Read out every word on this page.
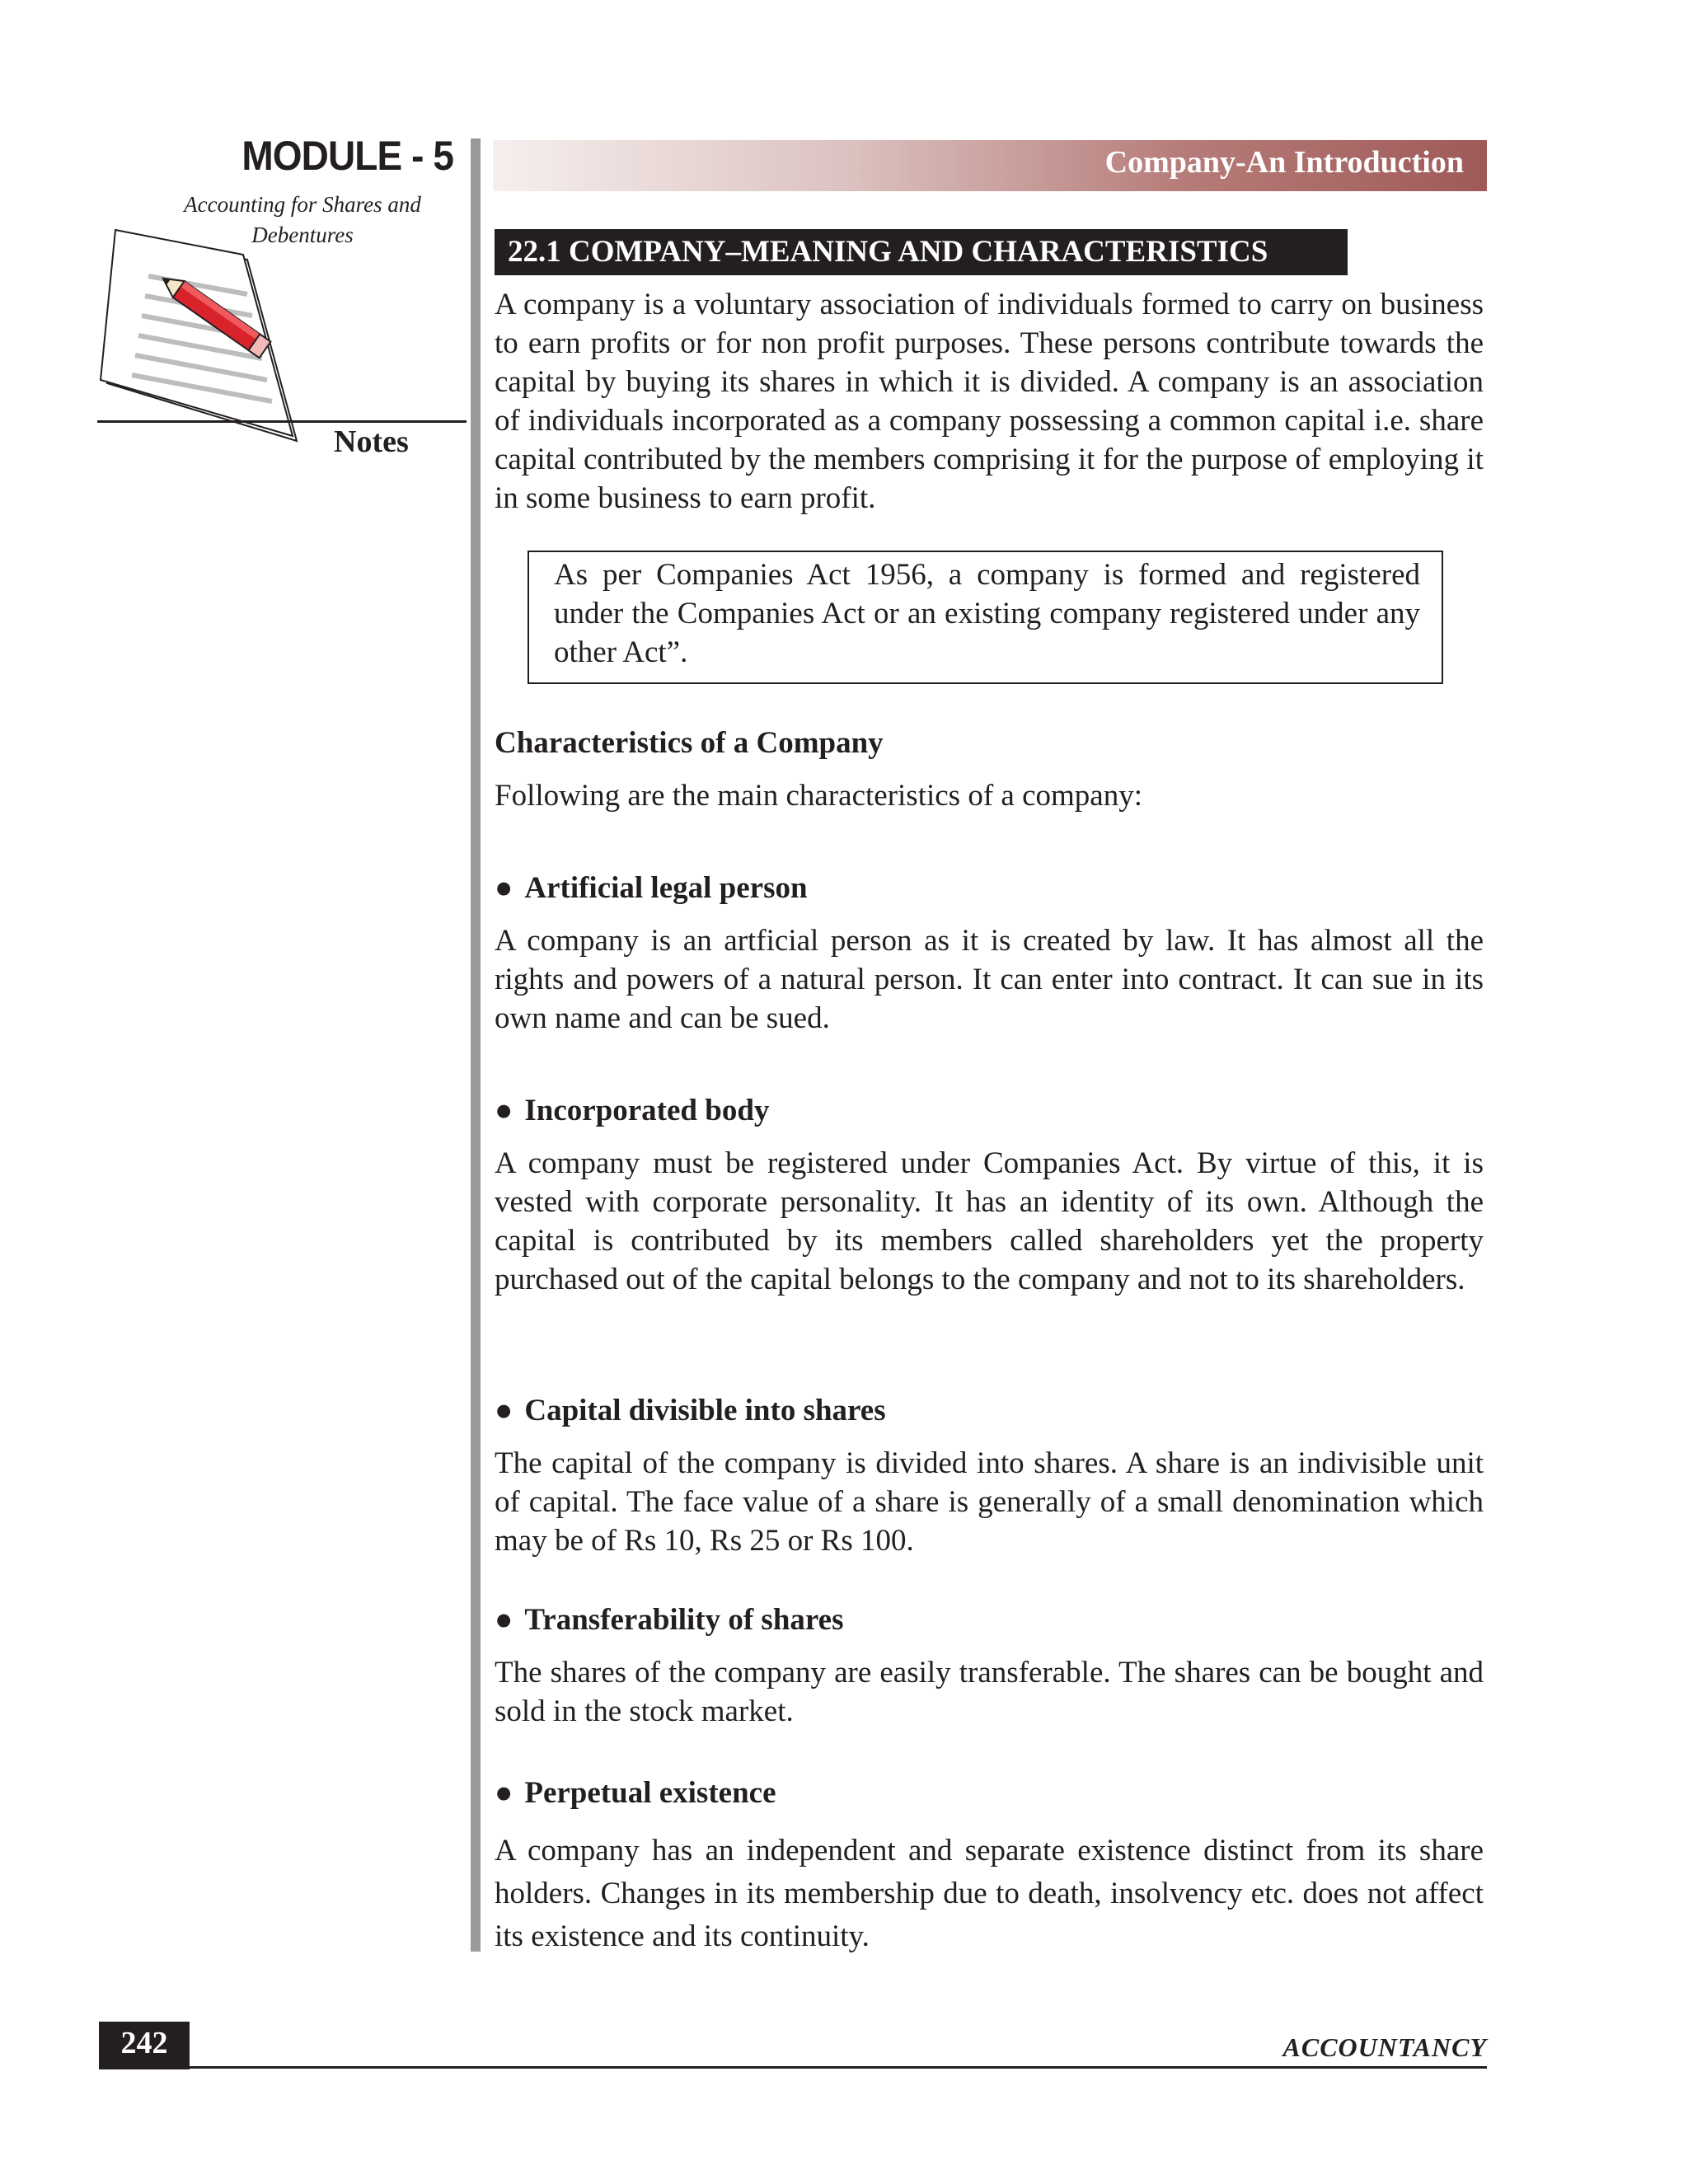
MODULE - 5
Accounting for Shares and Debentures
Notes
Company-An Introduction
22.1 COMPANY–MEANING AND CHARACTERISTICS

A company is a voluntary association of individuals formed to carry on business to earn profits or for non profit purposes. These persons contribute towards the capital by buying its shares in which it is divided. A company is an association of individuals incorporated as a company possessing a common capital i.e. share capital contributed by the members comprising it for the purpose of employing it in some business to earn profit.

As per Companies Act 1956, a company is formed and registered under the Companies Act or an existing company registered under any other Act”.
Characteristics of a Company

Following are the main characteristics of a company:

● Artificial legal person

A company is an artficial person as it is created by law. It has almost all the rights and powers of a natural person. It can enter into contract. It can sue in its own name and can be sued.

● Incorporated body

A company must be registered under Companies Act. By virtue of this, it is vested with corporate personality. It has an identity of its own. Although the capital is contributed by its members called shareholders yet the property purchased out of the capital belongs to the company and not to its shareholders.

● Capital divisible into shares

The capital of the company is divided into shares. A share is an indivisible unit of capital. The face value of a share is generally of a small denomination which may be of Rs 10, Rs 25 or Rs 100.

● Transferability of shares

The shares of the company are easily transferable. The shares can be bought and sold in the stock market.

● Perpetual existence

A company has an independent and separate existence distinct from its share holders. Changes in its membership due to death, insolvency etc. does not affect its existence and its continuity.

242	ACCOUNTANCY
